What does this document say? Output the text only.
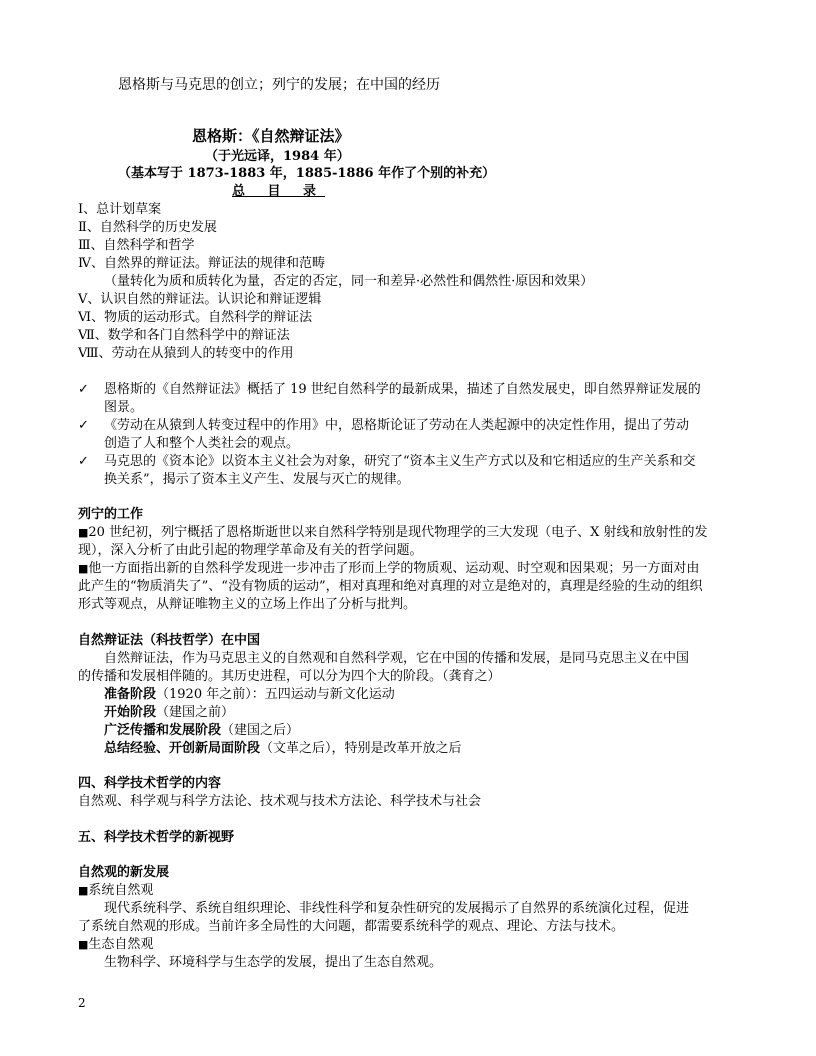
恩格斯与马克思的创立；列宁的发展；在中国的经历
恩格斯：《自然辩证法》
（于光远译，1984 年）
（基本写于 1873-1883 年，1885-1886 年作了个别的补充）
总 目 录
Ⅰ、总计划草案
Ⅱ、自然科学的历史发展
Ⅲ、自然科学和哲学
Ⅳ、自然界的辩证法。辩证法的规律和范畴
（量转化为质和质转化为量，否定的否定，同一和差异·必然性和偶然性·原因和效果）
Ⅴ、认识自然的辩证法。认识论和辩证逻辑
Ⅵ、物质的运动形式。自然科学的辩证法
Ⅶ、数学和各门自然科学中的辩证法
Ⅷ、劳动在从猿到人的转变中的作用
✓ 恩格斯的《自然辩证法》概括了 19 世纪自然科学的最新成果，描述了自然发展史，即自然界辩证发展的
图景。
✓ 《劳动在从猿到人转变过程中的作用》中，恩格斯论证了劳动在人类起源中的决定性作用，提出了劳动
创造了人和整个人类社会的观点。
✓ 马克思的《资本论》以资本主义社会为对象，研究了“资本主义生产方式以及和它相适应的生产关系和交
换关系”，揭示了资本主义产生、发展与灭亡的规律。
列宁的工作
■20 世纪初，列宁概括了恩格斯逝世以来自然科学特别是现代物理学的三大发现（电子、X 射线和放射性的发
现），深入分析了由此引起的物理学革命及有关的哲学问题。
■他一方面指出新的自然科学发现进一步冲击了形而上学的物质观、运动观、时空观和因果观；另一方面对由
此产生的“物质消失了”、“没有物质的运动”，相对真理和绝对真理的对立是绝对的，真理是经验的生动的组织
形式等观点，从辩证唯物主义的立场上作出了分析与批判。
自然辩证法（科技哲学）在中国
自然辩证法，作为马克思主义的自然观和自然科学观，它在中国的传播和发展，是同马克思主义在中国
的传播和发展相伴随的。其历史进程，可以分为四个大的阶段。（龚育之）
准备阶段（1920 年之前）：五四运动与新文化运动
开始阶段（建国之前）
广泛传播和发展阶段（建国之后）
总结经验、开创新局面阶段（文革之后），特别是改革开放之后
四、科学技术哲学的内容
自然观、科学观与科学方法论、技术观与技术方法论、科学技术与社会
五、科学技术哲学的新视野
自然观的新发展
■系统自然观
现代系统科学、系统自组织理论、非线性科学和复杂性研究的发展揭示了自然界的系统演化过程，促进
了系统自然观的形成。当前许多全局性的大问题，都需要系统科学的观点、理论、方法与技术。
■生态自然观
生物科学、环境科学与生态学的发展，提出了生态自然观。
2
